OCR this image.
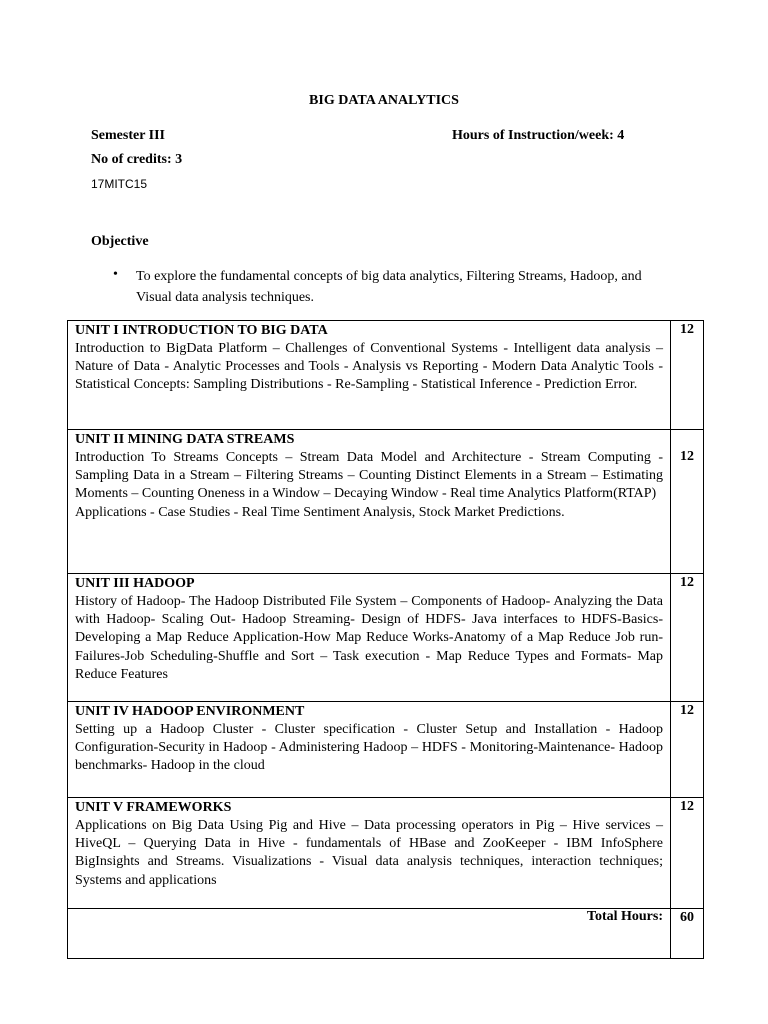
BIG DATA ANALYTICS
Semester III	Hours of Instruction/week: 4
No of credits: 3
17MITC15
Objective
• To explore the fundamental concepts of big data analytics, Filtering Streams, Hadoop, and Visual data analysis techniques.
UNIT I INTRODUCTION TO BIG DATA
Introduction to BigData Platform – Challenges of Conventional Systems - Intelligent data analysis – Nature of Data - Analytic Processes and Tools - Analysis vs Reporting - Modern Data Analytic Tools - Statistical Concepts: Sampling Distributions - Re-Sampling - Statistical Inference - Prediction Error.	12

UNIT II MINING DATA STREAMS
Introduction To Streams Concepts – Stream Data Model and Architecture - Stream Computing - Sampling Data in a Stream – Filtering Streams – Counting Distinct Elements in a Stream – Estimating Moments – Counting Oneness in a Window – Decaying Window - Real time Analytics Platform(RTAP)
Applications - Case Studies - Real Time Sentiment Analysis, Stock Market Predictions.	12

UNIT III HADOOP
History of Hadoop- The Hadoop Distributed File System – Components of Hadoop- Analyzing the Data with Hadoop- Scaling Out- Hadoop Streaming- Design of HDFS- Java interfaces to HDFS-Basics-Developing a Map Reduce Application-How Map Reduce Works-Anatomy of a Map Reduce Job run-Failures-Job Scheduling-Shuffle and Sort – Task execution - Map Reduce Types and Formats- Map Reduce Features	12

UNIT IV HADOOP ENVIRONMENT
Setting up a Hadoop Cluster - Cluster specification - Cluster Setup and Installation - Hadoop Configuration-Security in Hadoop - Administering Hadoop – HDFS - Monitoring-Maintenance- Hadoop benchmarks- Hadoop in the cloud	12

UNIT V FRAMEWORKS
Applications on Big Data Using Pig and Hive – Data processing operators in Pig – Hive services – HiveQL – Querying Data in Hive - fundamentals of HBase and ZooKeeper - IBM InfoSphere BigInsights and Streams. Visualizations - Visual data analysis techniques, interaction techniques; Systems and applications	12
Total Hours:	60
